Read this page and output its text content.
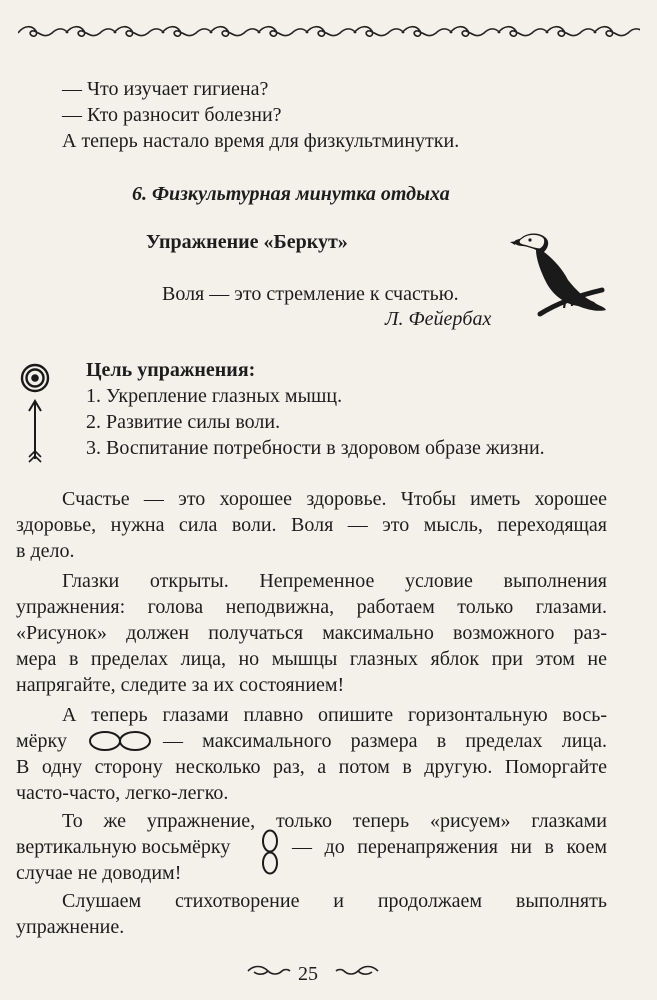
— Что изучает гигиена?
— Кто разносит болезни?
А теперь настало время для физкультминутки.
6. Физкультурная минутка отдыха
Упражнение «Беркут»
Воля — это стремление к счастью.
Л. Фейербах
Цель упражнения:
1. Укрепление глазных мышц.
2. Развитие силы воли.
3. Воспитание потребности в здоровом образе жизни.
Счастье — это хорошее здоровье. Чтобы иметь хорошее
здоровье, нужна сила воли. Воля — это мысль, переходящая
в дело.
Глазки открыты. Непременное условие выполнения
упражнения: голова неподвижна, работаем только глазами.
«Рисунок» должен получаться максимально возможного раз-
мера в пределах лица, но мышцы глазных яблок при этом не
напрягайте, следите за их состоянием!
А теперь глазами плавно опишите горизонтальную вось-
мёрку	— максимального размера в пределах лица.
В одну сторону несколько раз, а потом в другую. Поморгайте
часто-часто, легко-легко.
То же упражнение, только теперь «рисуем» глазками
вертикальную восьмёрку	— до перенапряжения ни в коем
случае не доводим!
Слушаем стихотворение и продолжаем выполнять
упражнение.
25
